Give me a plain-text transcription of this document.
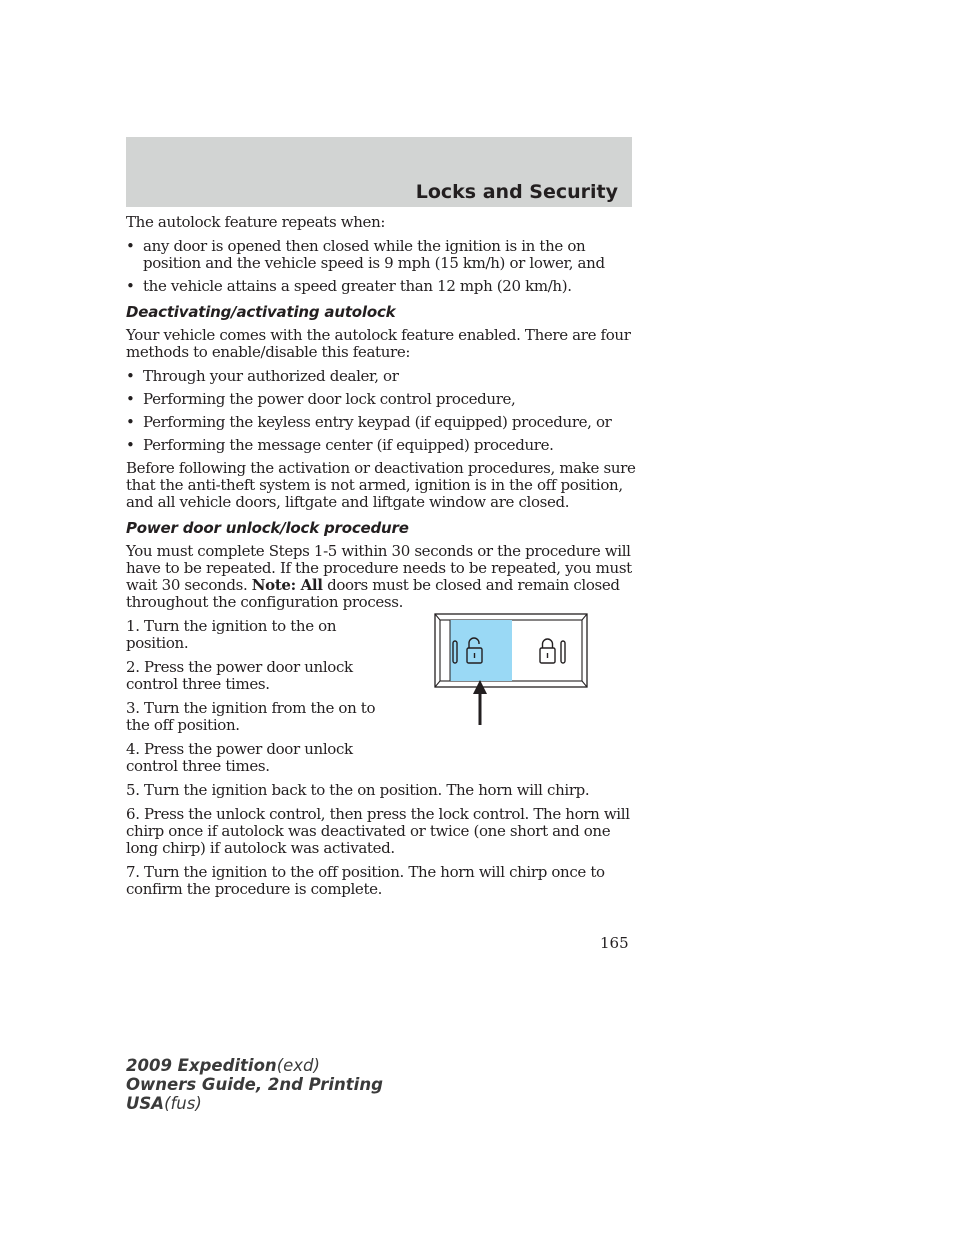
Locks and Security

The autolock feature repeats when:

• any door is opened then closed while the ignition is in the on position and the vehicle speed is 9 mph (15 km/h) or lower, and
• the vehicle attains a speed greater than 12 mph (20 km/h).
Deactivating/activating autolock

Your vehicle comes with the autolock feature enabled. There are four methods to enable/disable this feature:

• Through your authorized dealer, or
• Performing the power door lock control procedure,
• Performing the keyless entry keypad (if equipped) procedure, or
• Performing the message center (if equipped) procedure.

Before following the activation or deactivation procedures, make sure that the anti-theft system is not armed, ignition is in the off position, and all vehicle doors, liftgate and liftgate window are closed.

Power door unlock/lock procedure

You must complete Steps 1-5 within 30 seconds or the procedure will have to be repeated. If the procedure needs to be repeated, you must wait 30 seconds. Note: All doors must be closed and remain closed throughout the configuration process.

1. Turn the ignition to the on position.

2. Press the power door unlock control three times.

3. Turn the ignition from the on to the off position.

4. Press the power door unlock control three times.

5. Turn the ignition back to the on position. The horn will chirp.

6. Press the unlock control, then press the lock control. The horn will chirp once if autolock was deactivated or twice (one short and one long chirp) if autolock was activated.

7. Turn the ignition to the off position. The horn will chirp once to confirm the procedure is complete.

165
2009 Expedition(exd)
Owners Guide, 2nd Printing
USA(fus)
